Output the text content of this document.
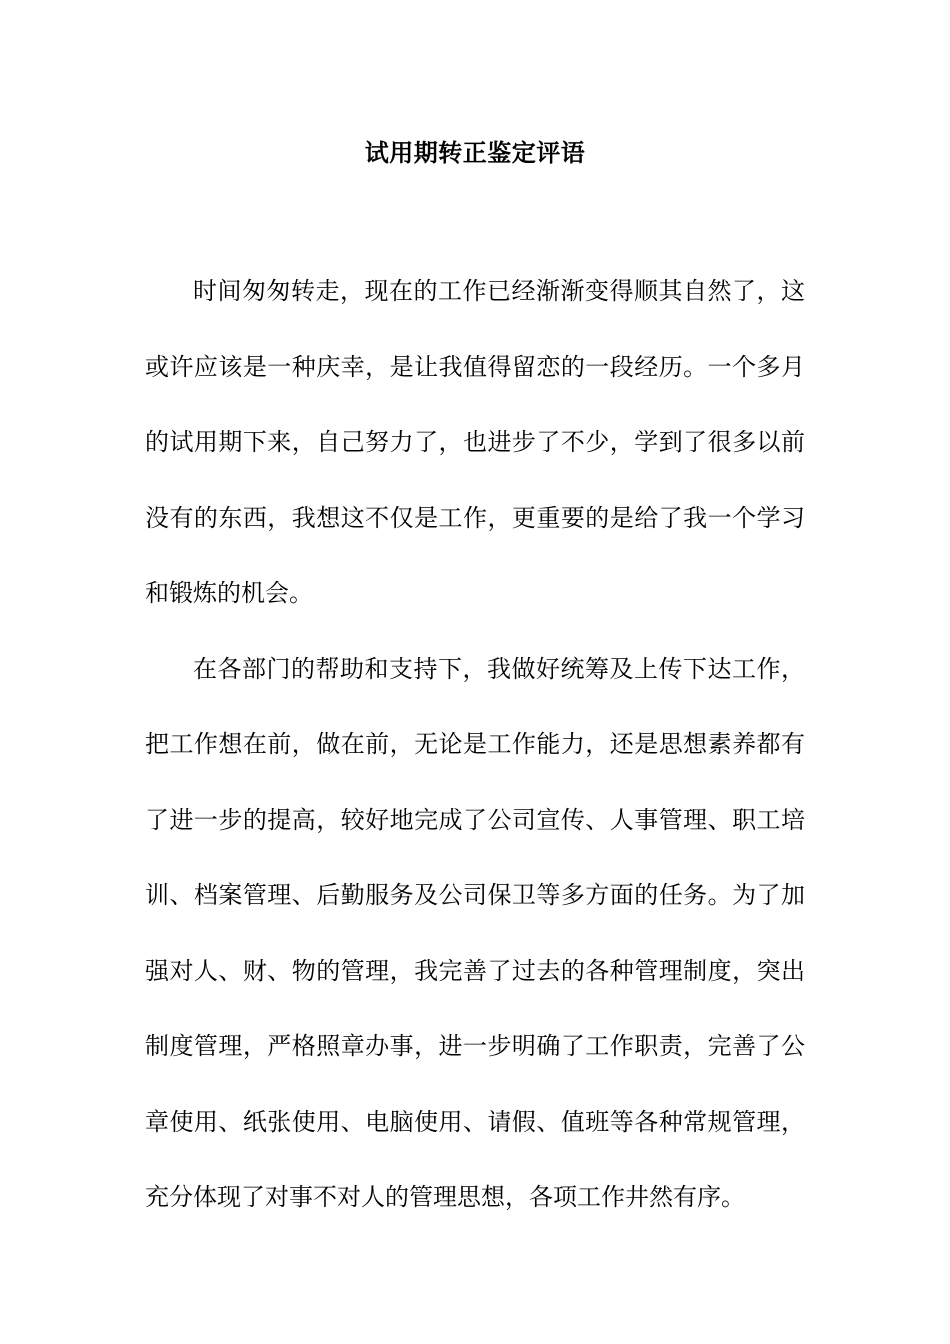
试用期转正鉴定评语

时间匆匆转走，现在的工作已经渐渐变得顺其自然了，这或许应该是一种庆幸，是让我值得留恋的一段经历。一个多月的试用期下来，自己努力了，也进步了不少，学到了很多以前没有的东西，我想这不仅是工作，更重要的是给了我一个学习和锻炼的机会。

在各部门的帮助和支持下，我做好统筹及上传下达工作，把工作想在前，做在前，无论是工作能力，还是思想素养都有了进一步的提高，较好地完成了公司宣传、人事管理、职工培训、档案管理、后勤服务及公司保卫等多方面的任务。为了加强对人、财、物的管理，我完善了过去的各种管理制度，突出制度管理，严格照章办事，进一步明确了工作职责，完善了公章使用、纸张使用、电脑使用、请假、值班等各种常规管理，充分体现了对事不对人的管理思想，各项工作井然有序。
